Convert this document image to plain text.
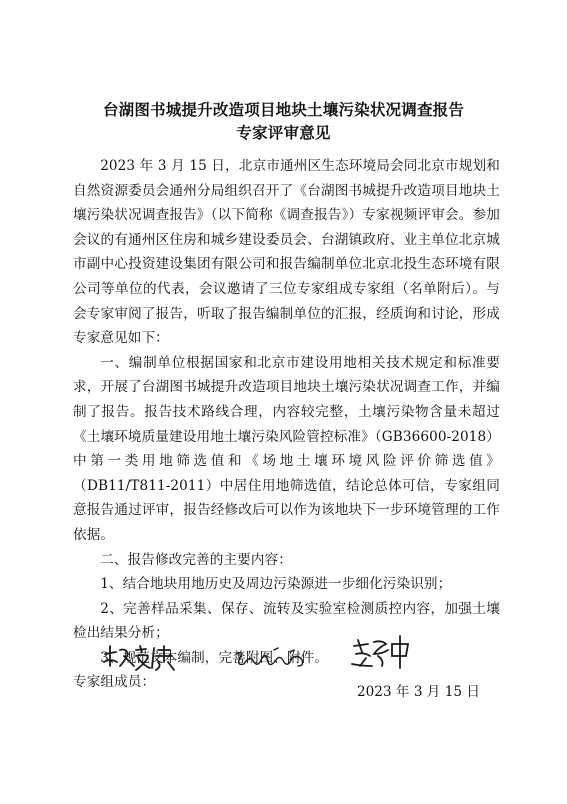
台湖图书城提升改造项目地块土壤污染状况调查报告
专家评审意见

2023 年 3 月 15 日，北京市通州区生态环境局会同北京市规划和自然资源委员会通州分局组织召开了《台湖图书城提升改造项目地块土壤污染状况调查报告》（以下简称《调查报告》）专家视频评审会。参加会议的有通州区住房和城乡建设委员会、台湖镇政府、业主单位北京城市副中心投资建设集团有限公司和报告编制单位北京北投生态环境有限公司等单位的代表，会议邀请了三位专家组成专家组（名单附后）。与会专家审阅了报告，听取了报告编制单位的汇报，经质询和讨论，形成专家意见如下：

一、编制单位根据国家和北京市建设用地相关技术规定和标准要求，开展了台湖图书城提升改造项目地块土壤污染状况调查工作，并编制了报告。报告技术路线合理，内容较完整，土壤污染物含量未超过《土壤环境质量建设用地土壤污染风险管控标准》（GB36600-2018）中第一类用地筛选值和《场地土壤环境风险评价筛选值》（DB11/T811-2011）中居住用地筛选值，结论总体可信，专家组同意报告通过评审，报告经修改后可以作为该地块下一步环境管理的工作依据。

二、报告修改完善的主要内容：

1、结合地块用地历史及周边污染源进一步细化污染识别；

2、完善样品采集、保存、流转及实验室检测质控内容，加强土壤检出结果分析；

3、规范文本编制，完善附图、附件。

专家组成员：

2023 年 3 月 15 日
